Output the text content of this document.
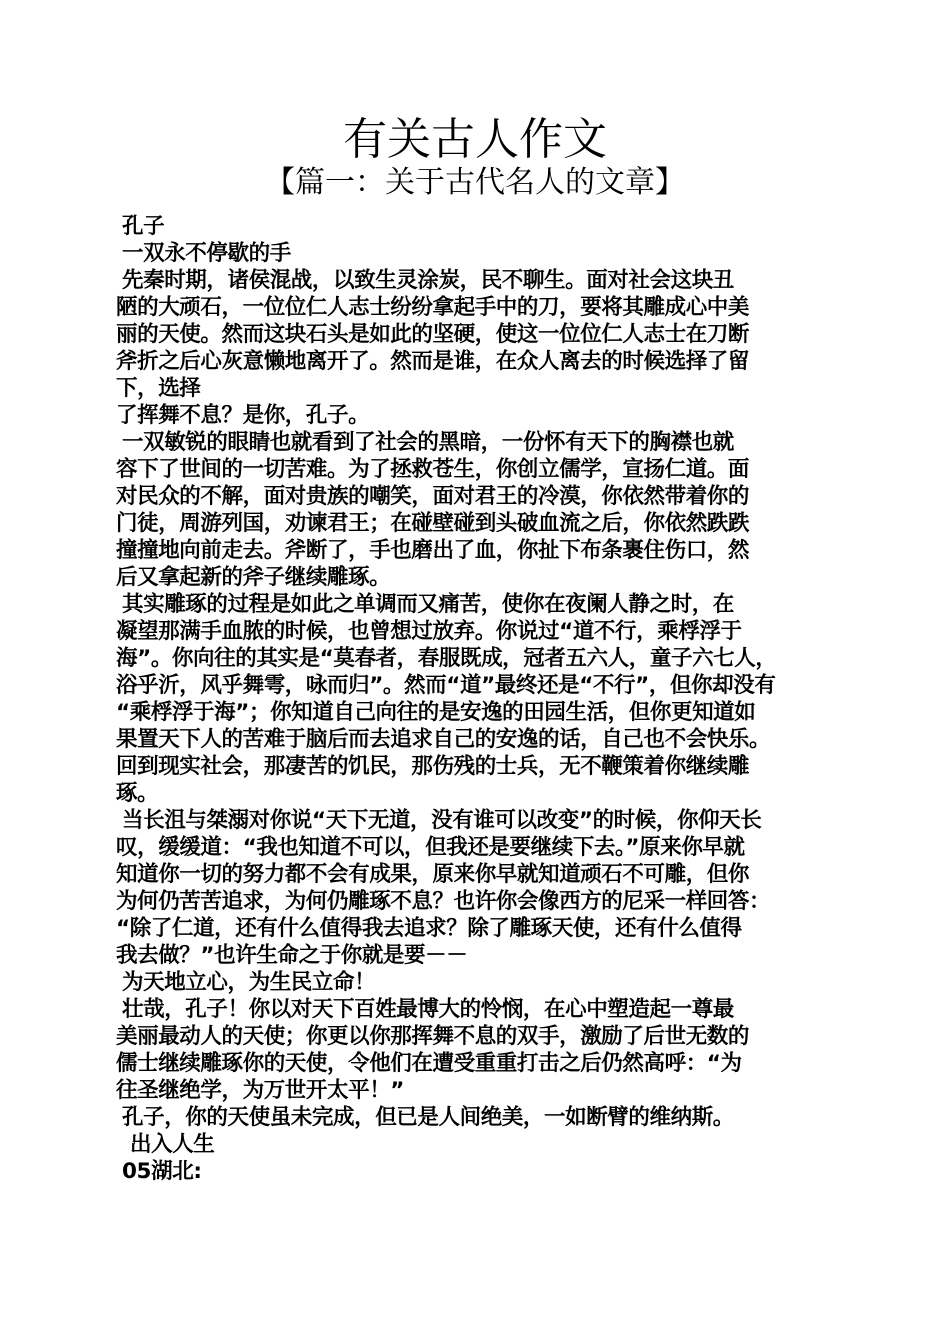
有关古人作文
【篇一：关于古代名人的文章】
孔子
一双永不停歇的手
先秦时期，诸侯混战，以致生灵涂炭，民不聊生。面对社会这块丑
陋的大顽石，一位位仁人志士纷纷拿起手中的刀，要将其雕成心中美
丽的天使。然而这块石头是如此的坚硬，使这一位位仁人志士在刀断
斧折之后心灰意懒地离开了。然而是谁，在众人离去的时候选择了留
下，选择
了挥舞不息？是你，孔子。
一双敏锐的眼睛也就看到了社会的黑暗，一份怀有天下的胸襟也就
容下了世间的一切苦难。为了拯救苍生，你创立儒学，宣扬仁道。面
对民众的不解，面对贵族的嘲笑，面对君王的冷漠，你依然带着你的
门徒，周游列国，劝谏君王；在碰壁碰到头破血流之后，你依然跌跌
撞撞地向前走去。斧断了，手也磨出了血，你扯下布条裹住伤口，然
后又拿起新的斧子继续雕琢。
其实雕琢的过程是如此之单调而又痛苦，使你在夜阑人静之时，在
凝望那满手血脓的时候，也曾想过放弃。你说过“道不行，乘桴浮于
海”。你向往的其实是“莫春者，春服既成，冠者五六人，童子六七人，
浴乎沂，风乎舞雩，咏而归”。然而“道”最终还是“不行”，但你却没有
“乘桴浮于海”；你知道自己向往的是安逸的田园生活，但你更知道如
果置天下人的苦难于脑后而去追求自己的安逸的话，自己也不会快乐。
回到现实社会，那凄苦的饥民，那伤残的士兵，无不鞭策着你继续雕
琢。
当长沮与桀溺对你说“天下无道，没有谁可以改变”的时候，你仰天长
叹，缓缓道：“我也知道不可以，但我还是要继续下去。”原来你早就
知道你一切的努力都不会有成果，原来你早就知道顽石不可雕，但你
为何仍苦苦追求，为何仍雕琢不息？也许你会像西方的尼采一样回答：
“除了仁道，还有什么值得我去追求？除了雕琢天使，还有什么值得
我去做？”也许生命之于你就是要－－
为天地立心，为生民立命！
壮哉，孔子！你以对天下百姓最博大的怜悯，在心中塑造起一尊最
美丽最动人的天使；你更以你那挥舞不息的双手，激励了后世无数的
儒士继续雕琢你的天使，令他们在遭受重重打击之后仍然高呼：“为
往圣继绝学，为万世开太平！”
孔子，你的天使虽未完成，但已是人间绝美，一如断臂的维纳斯。
出入人生
05湖北:
